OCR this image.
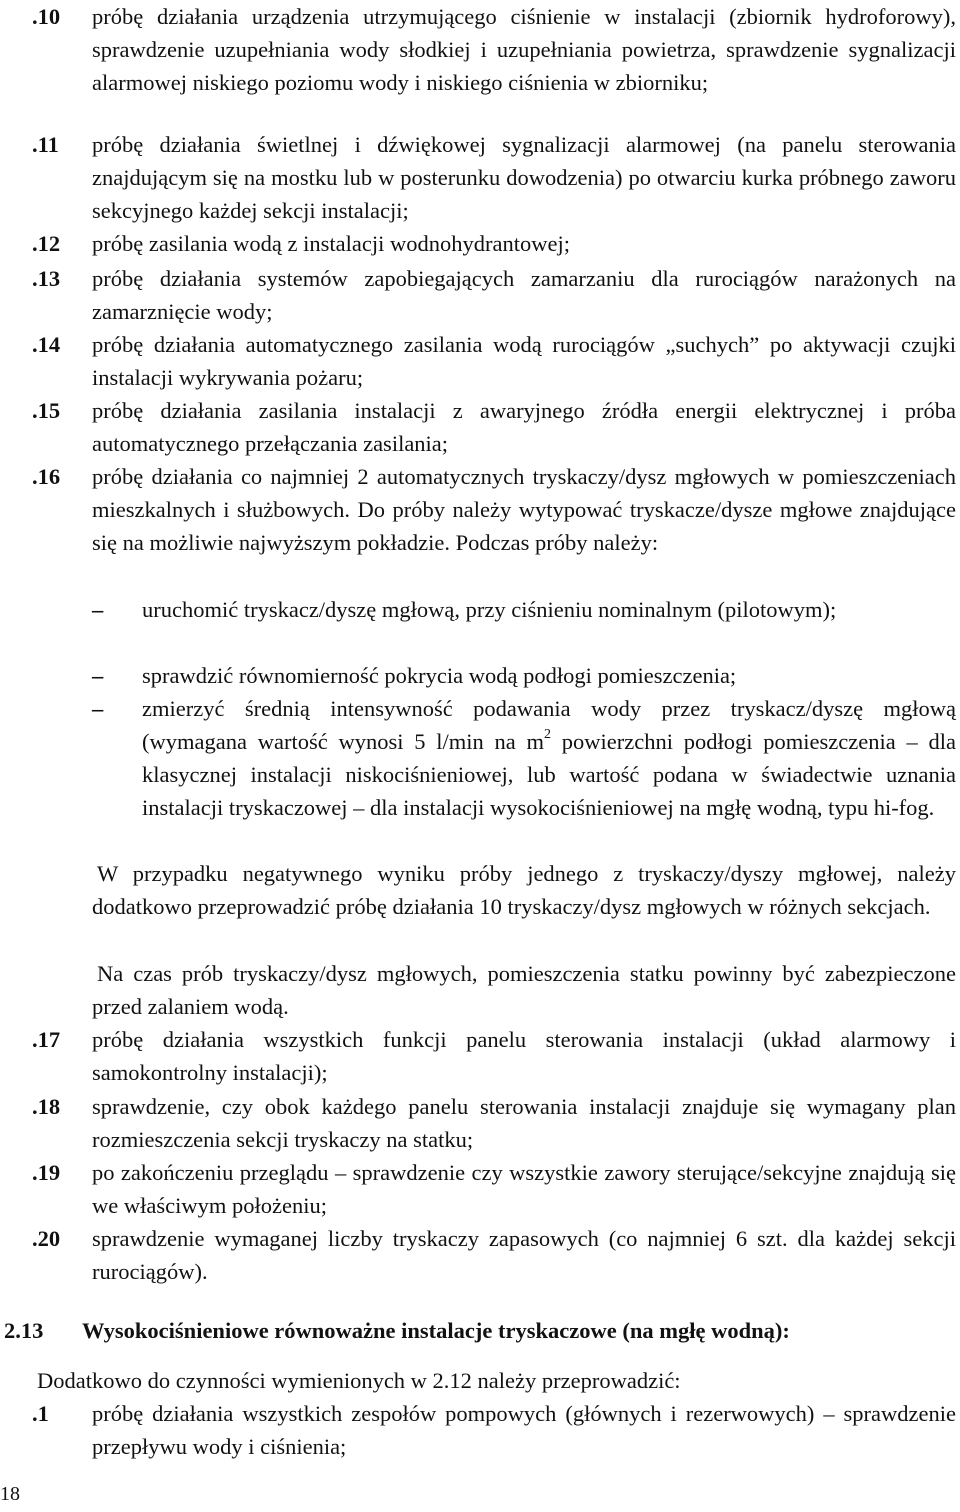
.10	próbę działania urządzenia utrzymującego ciśnienie w instalacji (zbiornik hydroforowy), sprawdzenie uzupełniania wody słodkiej i uzupełniania powietrza, sprawdzenie sygnalizacji alarmowej niskiego poziomu wody i niskiego ciśnienia w zbiorniku;
.11	próbę działania świetlnej i dźwiękowej sygnalizacji alarmowej (na panelu sterowania znajdującym się na mostku lub w posterunku dowodzenia) po otwarciu kurka próbnego zaworu sekcyjnego każdej sekcji instalacji;
.12	próbę zasilania wodą z instalacji wodnohydrantowej;
.13	próbę działania systemów zapobiegających zamarzaniu dla rurociągów narażonych na zamarznięcie wody;
.14	próbę działania automatycznego zasilania wodą rurociągów „suchych” po aktywacji czujki instalacji wykrywania pożaru;
.15	próbę działania zasilania instalacji z awaryjnego źródła energii elektrycznej i próba automatycznego przełączania zasilania;
.16	próbę działania co najmniej 2 automatycznych tryskaczy/dysz mgłowych w pomieszczeniach mieszkalnych i służbowych. Do próby należy wytypować tryskacze/dysze mgłowe znajdujące się na możliwie najwyższym pokładzie. Podczas próby należy:
–	uruchomić tryskacz/dyszę mgłową, przy ciśnieniu nominalnym (pilotowym);
–	sprawdzić równomierność pokrycia wodą podłogi pomieszczenia;
–	zmierzyć średnią intensywność podawania wody przez tryskacz/dyszę mgłową (wymagana wartość wynosi 5 l/min na $m^2$ powierzchni podłogi pomieszczenia – dla klasycznej instalacji niskociśnieniowej, lub wartość podana w świadectwie uznania instalacji tryskaczowej – dla instalacji wysokociśnieniowej na mgłę wodną, typu hi-fog.
W przypadku negatywnego wyniku próby jednego z tryskaczy/dyszy mgłowej, należy dodatkowo przeprowadzić próbę działania 10 tryskaczy/dysz mgłowych w różnych sekcjach.
Na czas prób tryskaczy/dysz mgłowych, pomieszczenia statku powinny być zabezpieczone przed zalaniem wodą.
.17	próbę działania wszystkich funkcji panelu sterowania instalacji (układ alarmowy i samokontrolny instalacji);
.18	sprawdzenie, czy obok każdego panelu sterowania instalacji znajduje się wymagany plan rozmieszczenia sekcji tryskaczy na statku;
.19	po zakończeniu przeglądu – sprawdzenie czy wszystkie zawory sterujące/sekcyjne znajdują się we właściwym położeniu;
.20	sprawdzenie wymaganej liczby tryskaczy zapasowych (co najmniej 6 szt. dla każdej sekcji rurociągów).
2.13 Wysokociśnieniowe równoważne instalacje tryskaczowe (na mgłę wodną):
Dodatkowo do czynności wymienionych w 2.12 należy przeprowadzić:
.1	próbę działania wszystkich zespołów pompowych (głównych i rezerwowych) – sprawdzenie przepływu wody i ciśnienia;
18
